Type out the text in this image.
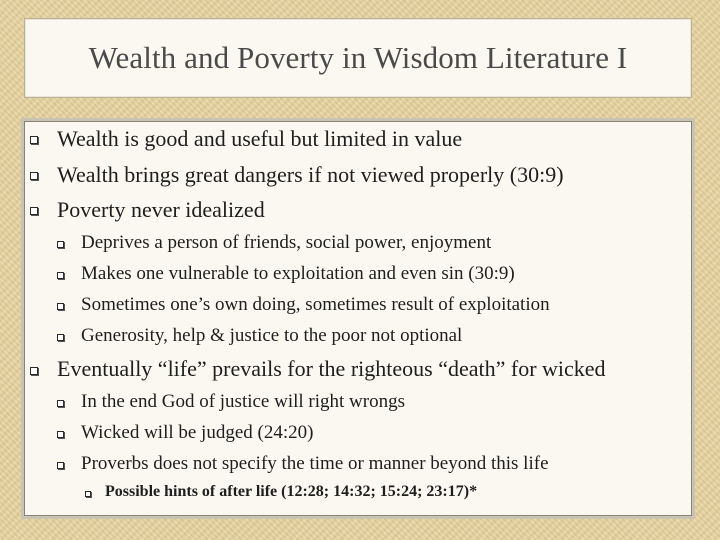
Wealth and Poverty in Wisdom Literature I
Wealth is good and useful but limited in value
Wealth brings great dangers if not viewed properly (30:9)
Poverty never idealized
Deprives a person of friends, social power, enjoyment
Makes one vulnerable to exploitation and even sin (30:9)
Sometimes one’s own doing, sometimes result of exploitation
Generosity, help & justice to the poor not optional
Eventually “life” prevails for the righteous “death” for wicked
In the end God of justice will right wrongs
Wicked will be judged (24:20)
Proverbs does not specify the time or manner beyond this life
Possible hints of after life (12:28; 14:32; 15:24; 23:17)*
